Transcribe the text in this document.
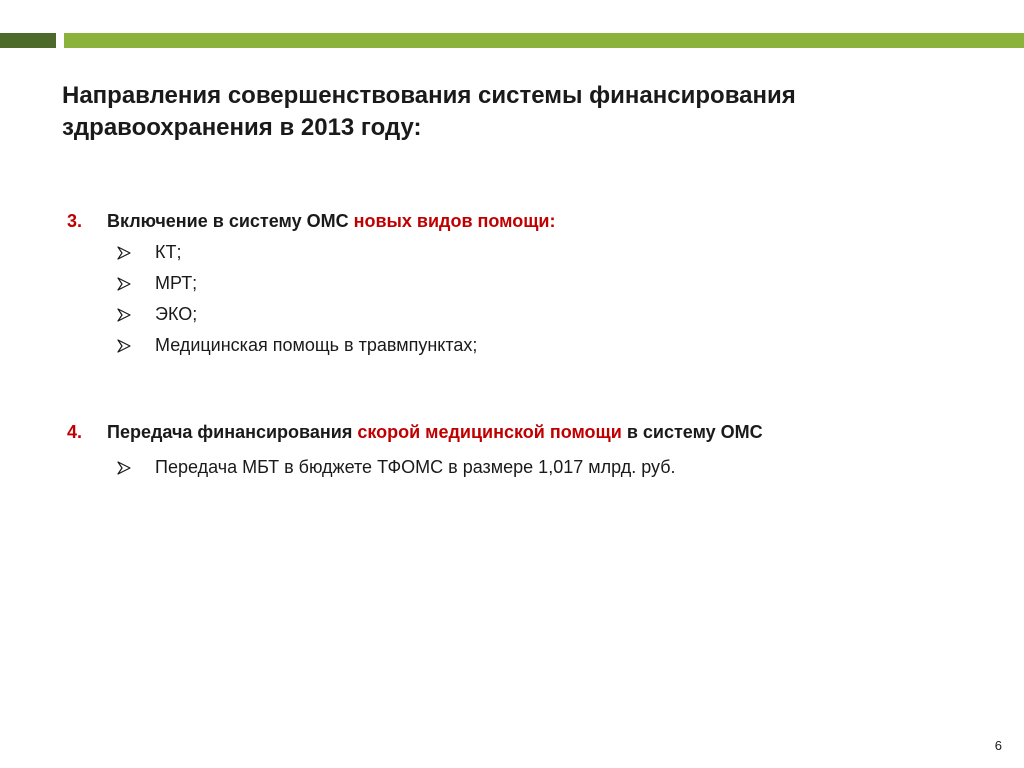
Направления совершенствования системы финансирования здравоохранения в 2013 году:
3.	Включение в систему ОМС новых видов помощи:
КТ;
МРТ;
ЭКО;
Медицинская помощь в травмпунктах;
4.	Передача финансирования скорой медицинской помощи в систему ОМС
Передача МБТ в бюджете ТФОМС в размере 1,017 млрд. руб.
6
